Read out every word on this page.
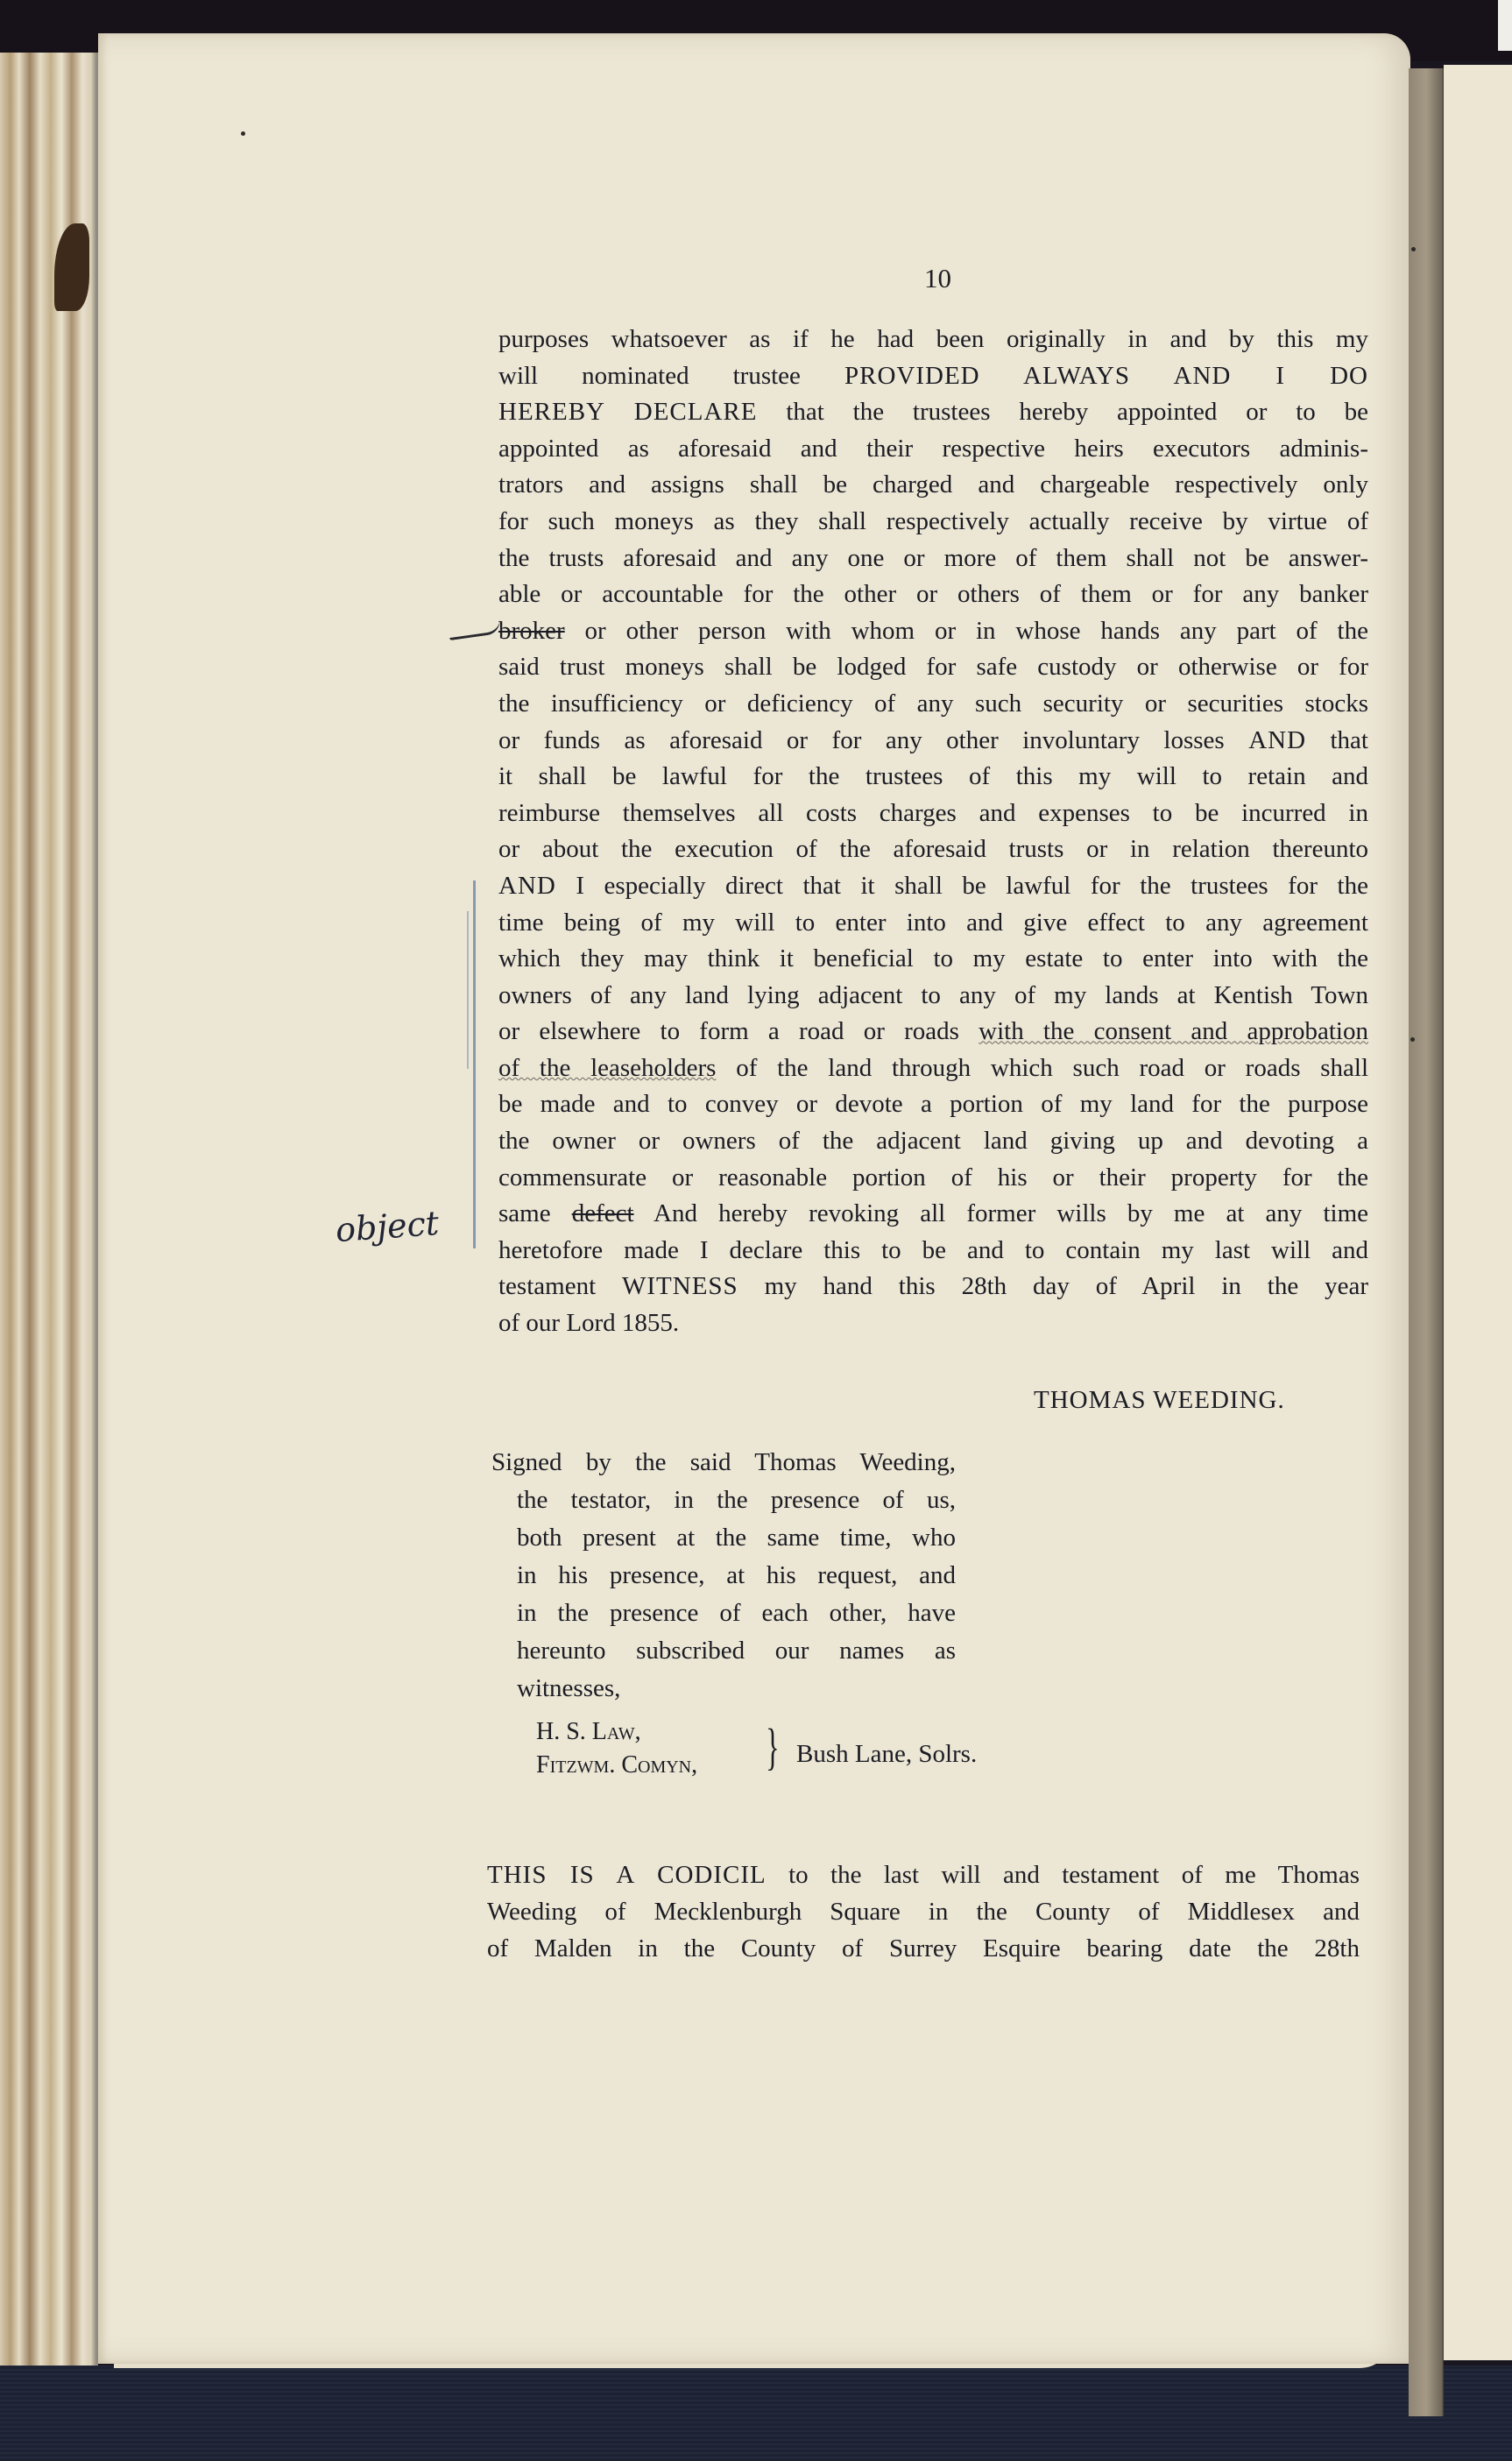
10
object
purposes whatsoever as if he had been originally in and by this my
will nominated trustee PROVIDED ALWAYS AND I DO
HEREBY DECLARE that the trustees hereby appointed or to be
appointed as aforesaid and their respective heirs executors adminis-
trators and assigns shall be charged and chargeable respectively only
for such moneys as they shall respectively actually receive by virtue of
the trusts aforesaid and any one or more of them shall not be answer-
able or accountable for the other or others of them or for any banker
broker or other person with whom or in whose hands any part of the
said trust moneys shall be lodged for safe custody or otherwise or for
the insufficiency or deficiency of any such security or securities stocks
or funds as aforesaid or for any other involuntary losses AND that
it shall be lawful for the trustees of this my will to retain and
reimburse themselves all costs charges and expenses to be incurred in
or about the execution of the aforesaid trusts or in relation thereunto
AND I especially direct that it shall be lawful for the trustees for the
time being of my will to enter into and give effect to any agreement
which they may think it beneficial to my estate to enter into with the
owners of any land lying adjacent to any of my lands at Kentish Town
or elsewhere to form a road or roads with the consent and approbation
of the leaseholders of the land through which such road or roads shall
be made and to convey or devote a portion of my land for the purpose
the owner or owners of the adjacent land giving up and devoting a
commensurate or reasonable portion of his or their property for the
same defect And hereby revoking all former wills by me at any time
heretofore made I declare this to be and to contain my last will and
testament WITNESS my hand this 28th day of April in the year
of our Lord 1855.
THOMAS WEEDING.
Signed by the said Thomas Weeding,
the testator, in the presence of us,
both present at the same time, who
in his presence, at his request, and
in the presence of each other, have
hereunto subscribed our names as
witnesses,
H. S. Law,
Fitzwm. Comyn, } Bush Lane, Solrs.
THIS IS A CODICIL to the last will and testament of me Thomas
Weeding of Mecklenburgh Square in the County of Middlesex and
of Malden in the County of Surrey Esquire bearing date the 28th
